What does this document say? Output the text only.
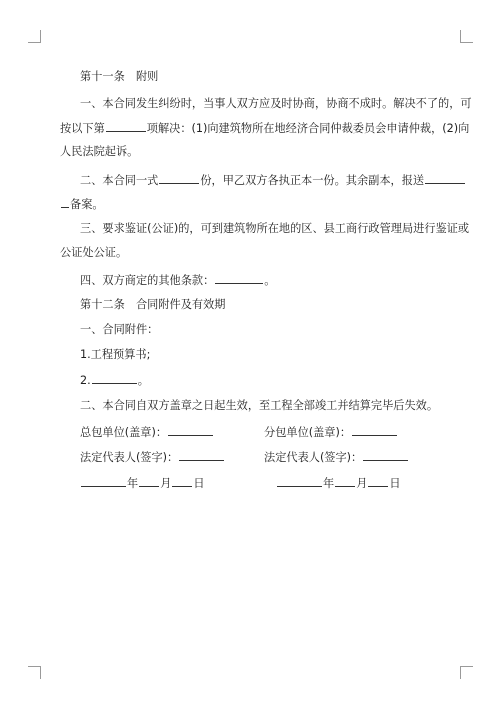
第十一条　附则
一、本合同发生纠纷时，当事人双方应及时协商，协商不成时。解决不了的，可
按以下第	项解决：(1)向建筑物所在地经济合同仲裁委员会申请仲裁，(2)向
人民法院起诉。
二、本合同一式	份，甲乙双方各执正本一份。其余副本，报送
备案。
三、要求鉴证(公证)的，可到建筑物所在地的区、县工商行政管理局进行鉴证或
公证处公证。
四、双方商定的其他条款：	。
第十二条　合同附件及有效期
一、合同附件：
1.工程预算书;
2.	。
二、本合同自双方盖章之日起生效，至工程全部竣工并结算完毕后失效。
总包单位(盖章)：	分包单位(盖章)：
法定代表人(签字)：	法定代表人(签字)：
年 月 日	年 月 日
